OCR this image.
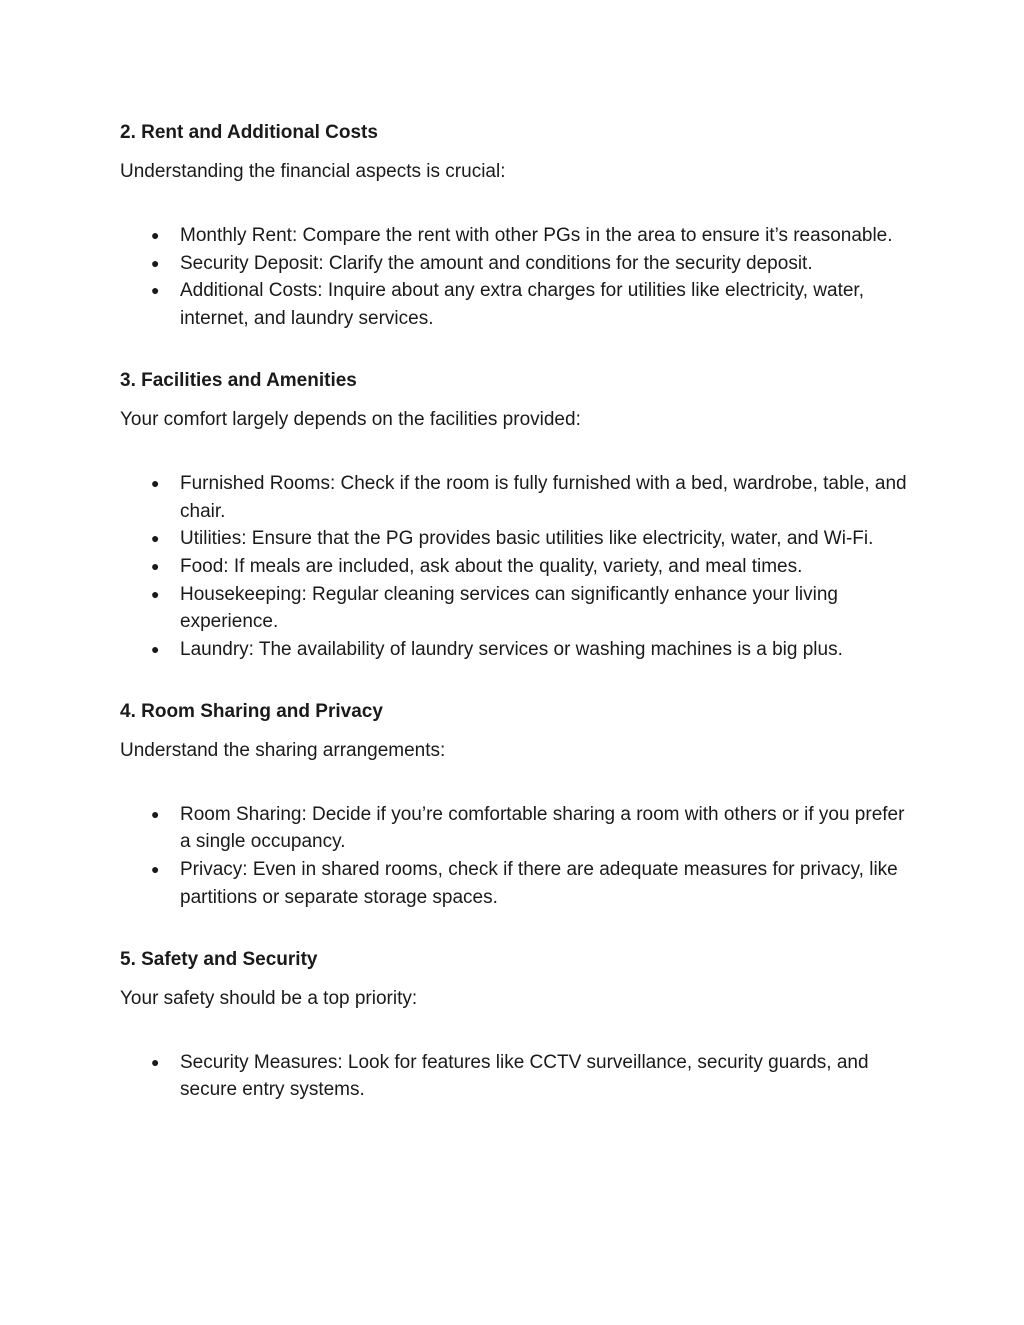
2. Rent and Additional Costs
Understanding the financial aspects is crucial:
● Monthly Rent: Compare the rent with other PGs in the area to ensure it’s reasonable.
● Security Deposit: Clarify the amount and conditions for the security deposit.
● Additional Costs: Inquire about any extra charges for utilities like electricity, water, internet, and laundry services.
3. Facilities and Amenities
Your comfort largely depends on the facilities provided:
● Furnished Rooms: Check if the room is fully furnished with a bed, wardrobe, table, and chair.
● Utilities: Ensure that the PG provides basic utilities like electricity, water, and Wi-Fi.
● Food: If meals are included, ask about the quality, variety, and meal times.
● Housekeeping: Regular cleaning services can significantly enhance your living experience.
● Laundry: The availability of laundry services or washing machines is a big plus.
4. Room Sharing and Privacy
Understand the sharing arrangements:
● Room Sharing: Decide if you’re comfortable sharing a room with others or if you prefer a single occupancy.
● Privacy: Even in shared rooms, check if there are adequate measures for privacy, like partitions or separate storage spaces.
5. Safety and Security
Your safety should be a top priority:
● Security Measures: Look for features like CCTV surveillance, security guards, and secure entry systems.
